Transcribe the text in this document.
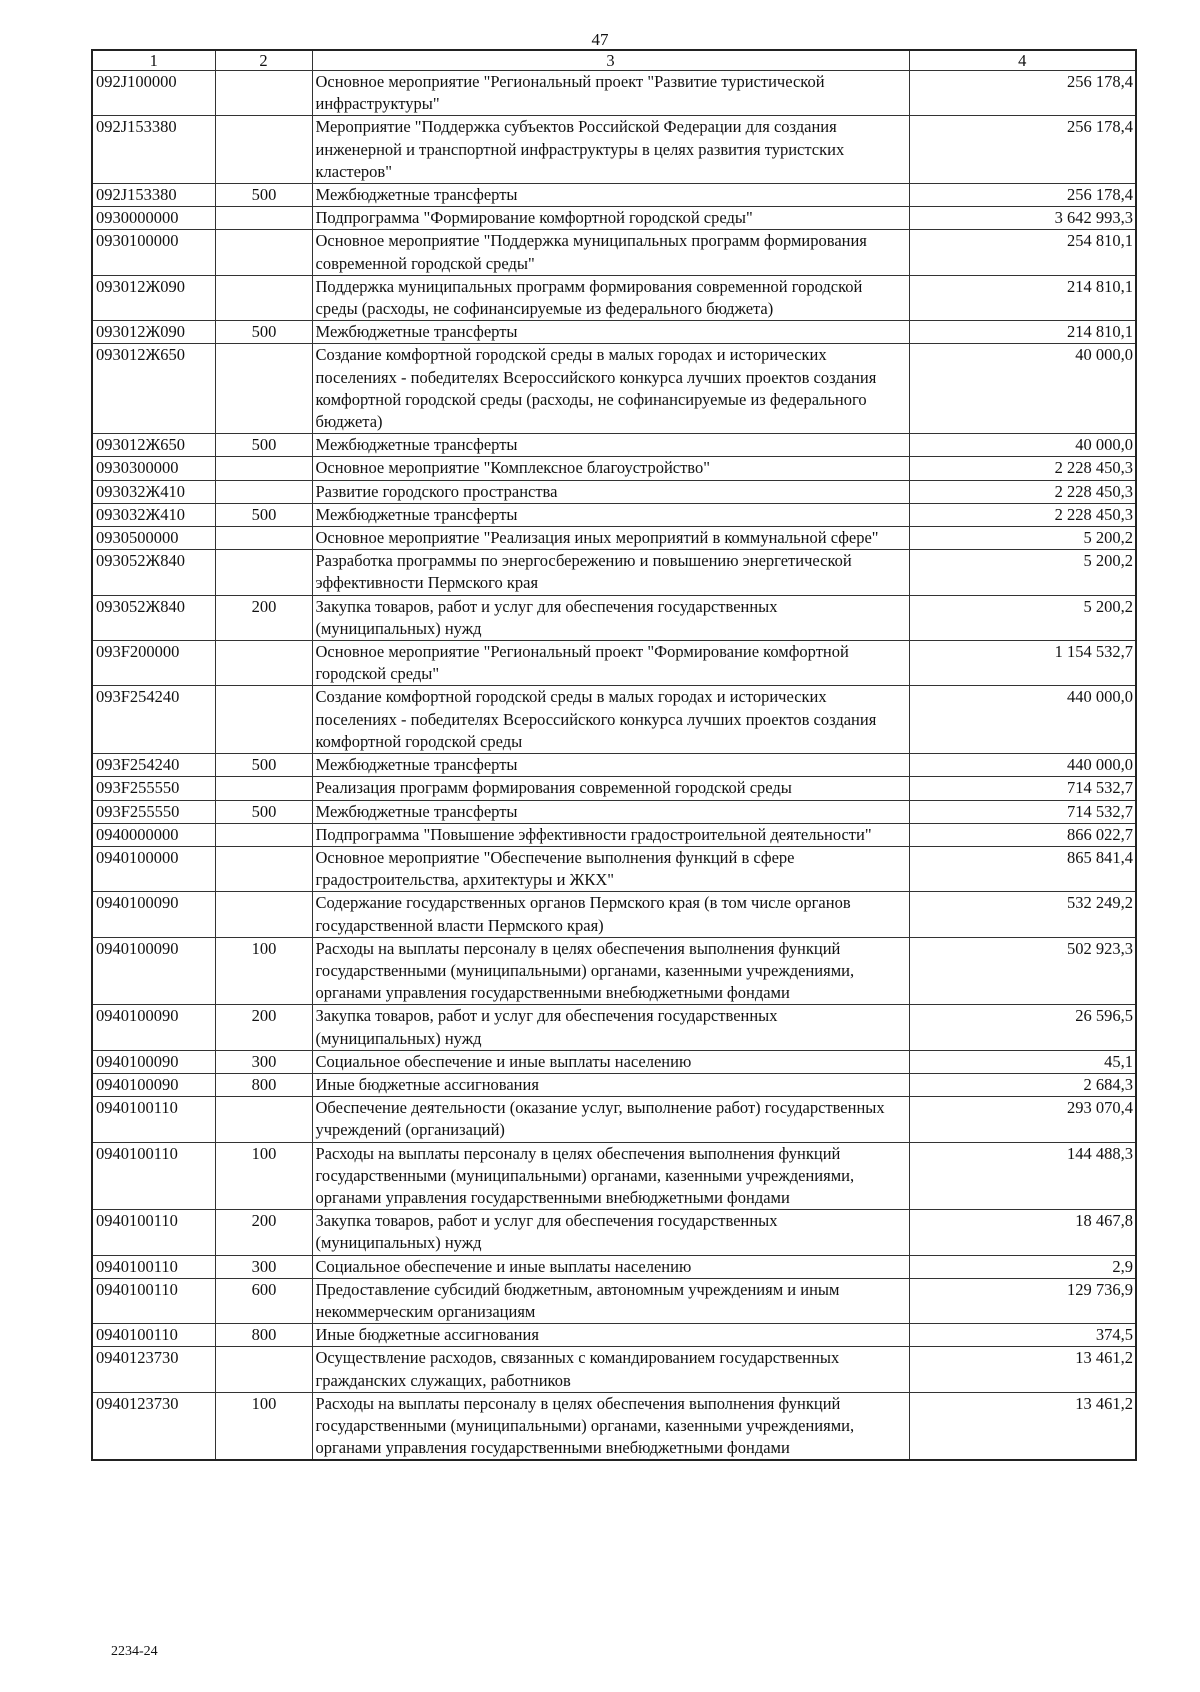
47
1	2	3	4
092J100000		Основное мероприятие "Региональный проект "Развитие туристической инфраструктуры"	256 178,4
092J153380		Мероприятие "Поддержка субъектов Российской Федерации для создания инженерной и транспортной инфраструктуры в целях развития туристских кластеров"	256 178,4
092J153380	500	Межбюджетные трансферты	256 178,4
0930000000		Подпрограмма "Формирование комфортной городской среды"	3 642 993,3
0930100000		Основное мероприятие "Поддержка муниципальных программ формирования современной городской среды"	254 810,1
093012Ж090		Поддержка муниципальных программ формирования современной городской среды (расходы, не софинансируемые из федерального бюджета)	214 810,1
093012Ж090	500	Межбюджетные трансферты	214 810,1
093012Ж650		Создание комфортной городской среды в малых городах и исторических поселениях - победителях Всероссийского конкурса лучших проектов создания комфортной городской среды (расходы, не софинансируемые из федерального бюджета)	40 000,0
093012Ж650	500	Межбюджетные трансферты	40 000,0
0930300000		Основное мероприятие "Комплексное благоустройство"	2 228 450,3
093032Ж410		Развитие городского пространства	2 228 450,3
093032Ж410	500	Межбюджетные трансферты	2 228 450,3
0930500000		Основное мероприятие "Реализация иных мероприятий в коммунальной сфере"	5 200,2
093052Ж840		Разработка программы по энергосбережению и повышению энергетической эффективности Пермского края	5 200,2
093052Ж840	200	Закупка товаров, работ и услуг для обеспечения государственных (муниципальных) нужд	5 200,2
093F200000		Основное мероприятие "Региональный проект "Формирование комфортной городской среды"	1 154 532,7
093F254240		Создание комфортной городской среды в малых городах и исторических поселениях - победителях Всероссийского конкурса лучших проектов создания комфортной городской среды	440 000,0
093F254240	500	Межбюджетные трансферты	440 000,0
093F255550		Реализация программ формирования современной городской среды	714 532,7
093F255550	500	Межбюджетные трансферты	714 532,7
0940000000		Подпрограмма "Повышение эффективности градостроительной деятельности"	866 022,7
0940100000		Основное мероприятие "Обеспечение выполнения функций в сфере градостроительства, архитектуры и ЖКХ"	865 841,4
0940100090		Содержание государственных органов Пермского края (в том числе органов государственной власти Пермского края)	532 249,2
0940100090	100	Расходы на выплаты персоналу в целях обеспечения выполнения функций государственными (муниципальными) органами, казенными учреждениями, органами управления государственными внебюджетными фондами	502 923,3
0940100090	200	Закупка товаров, работ и услуг для обеспечения государственных (муниципальных) нужд	26 596,5
0940100090	300	Социальное обеспечение и иные выплаты населению	45,1
0940100090	800	Иные бюджетные ассигнования	2 684,3
0940100110		Обеспечение деятельности (оказание услуг, выполнение работ) государственных учреждений (организаций)	293 070,4
0940100110	100	Расходы на выплаты персоналу в целях обеспечения выполнения функций государственными (муниципальными) органами, казенными учреждениями, органами управления государственными внебюджетными фондами	144 488,3
0940100110	200	Закупка товаров, работ и услуг для обеспечения государственных (муниципальных) нужд	18 467,8
0940100110	300	Социальное обеспечение и иные выплаты населению	2,9
0940100110	600	Предоставление субсидий бюджетным, автономным учреждениям и иным некоммерческим организациям	129 736,9
0940100110	800	Иные бюджетные ассигнования	374,5
0940123730		Осуществление расходов, связанных с командированием государственных гражданских служащих, работников	13 461,2
0940123730	100	Расходы на выплаты персоналу в целях обеспечения выполнения функций государственными (муниципальными) органами, казенными учреждениями, органами управления государственными внебюджетными фондами	13 461,2
2234-24
